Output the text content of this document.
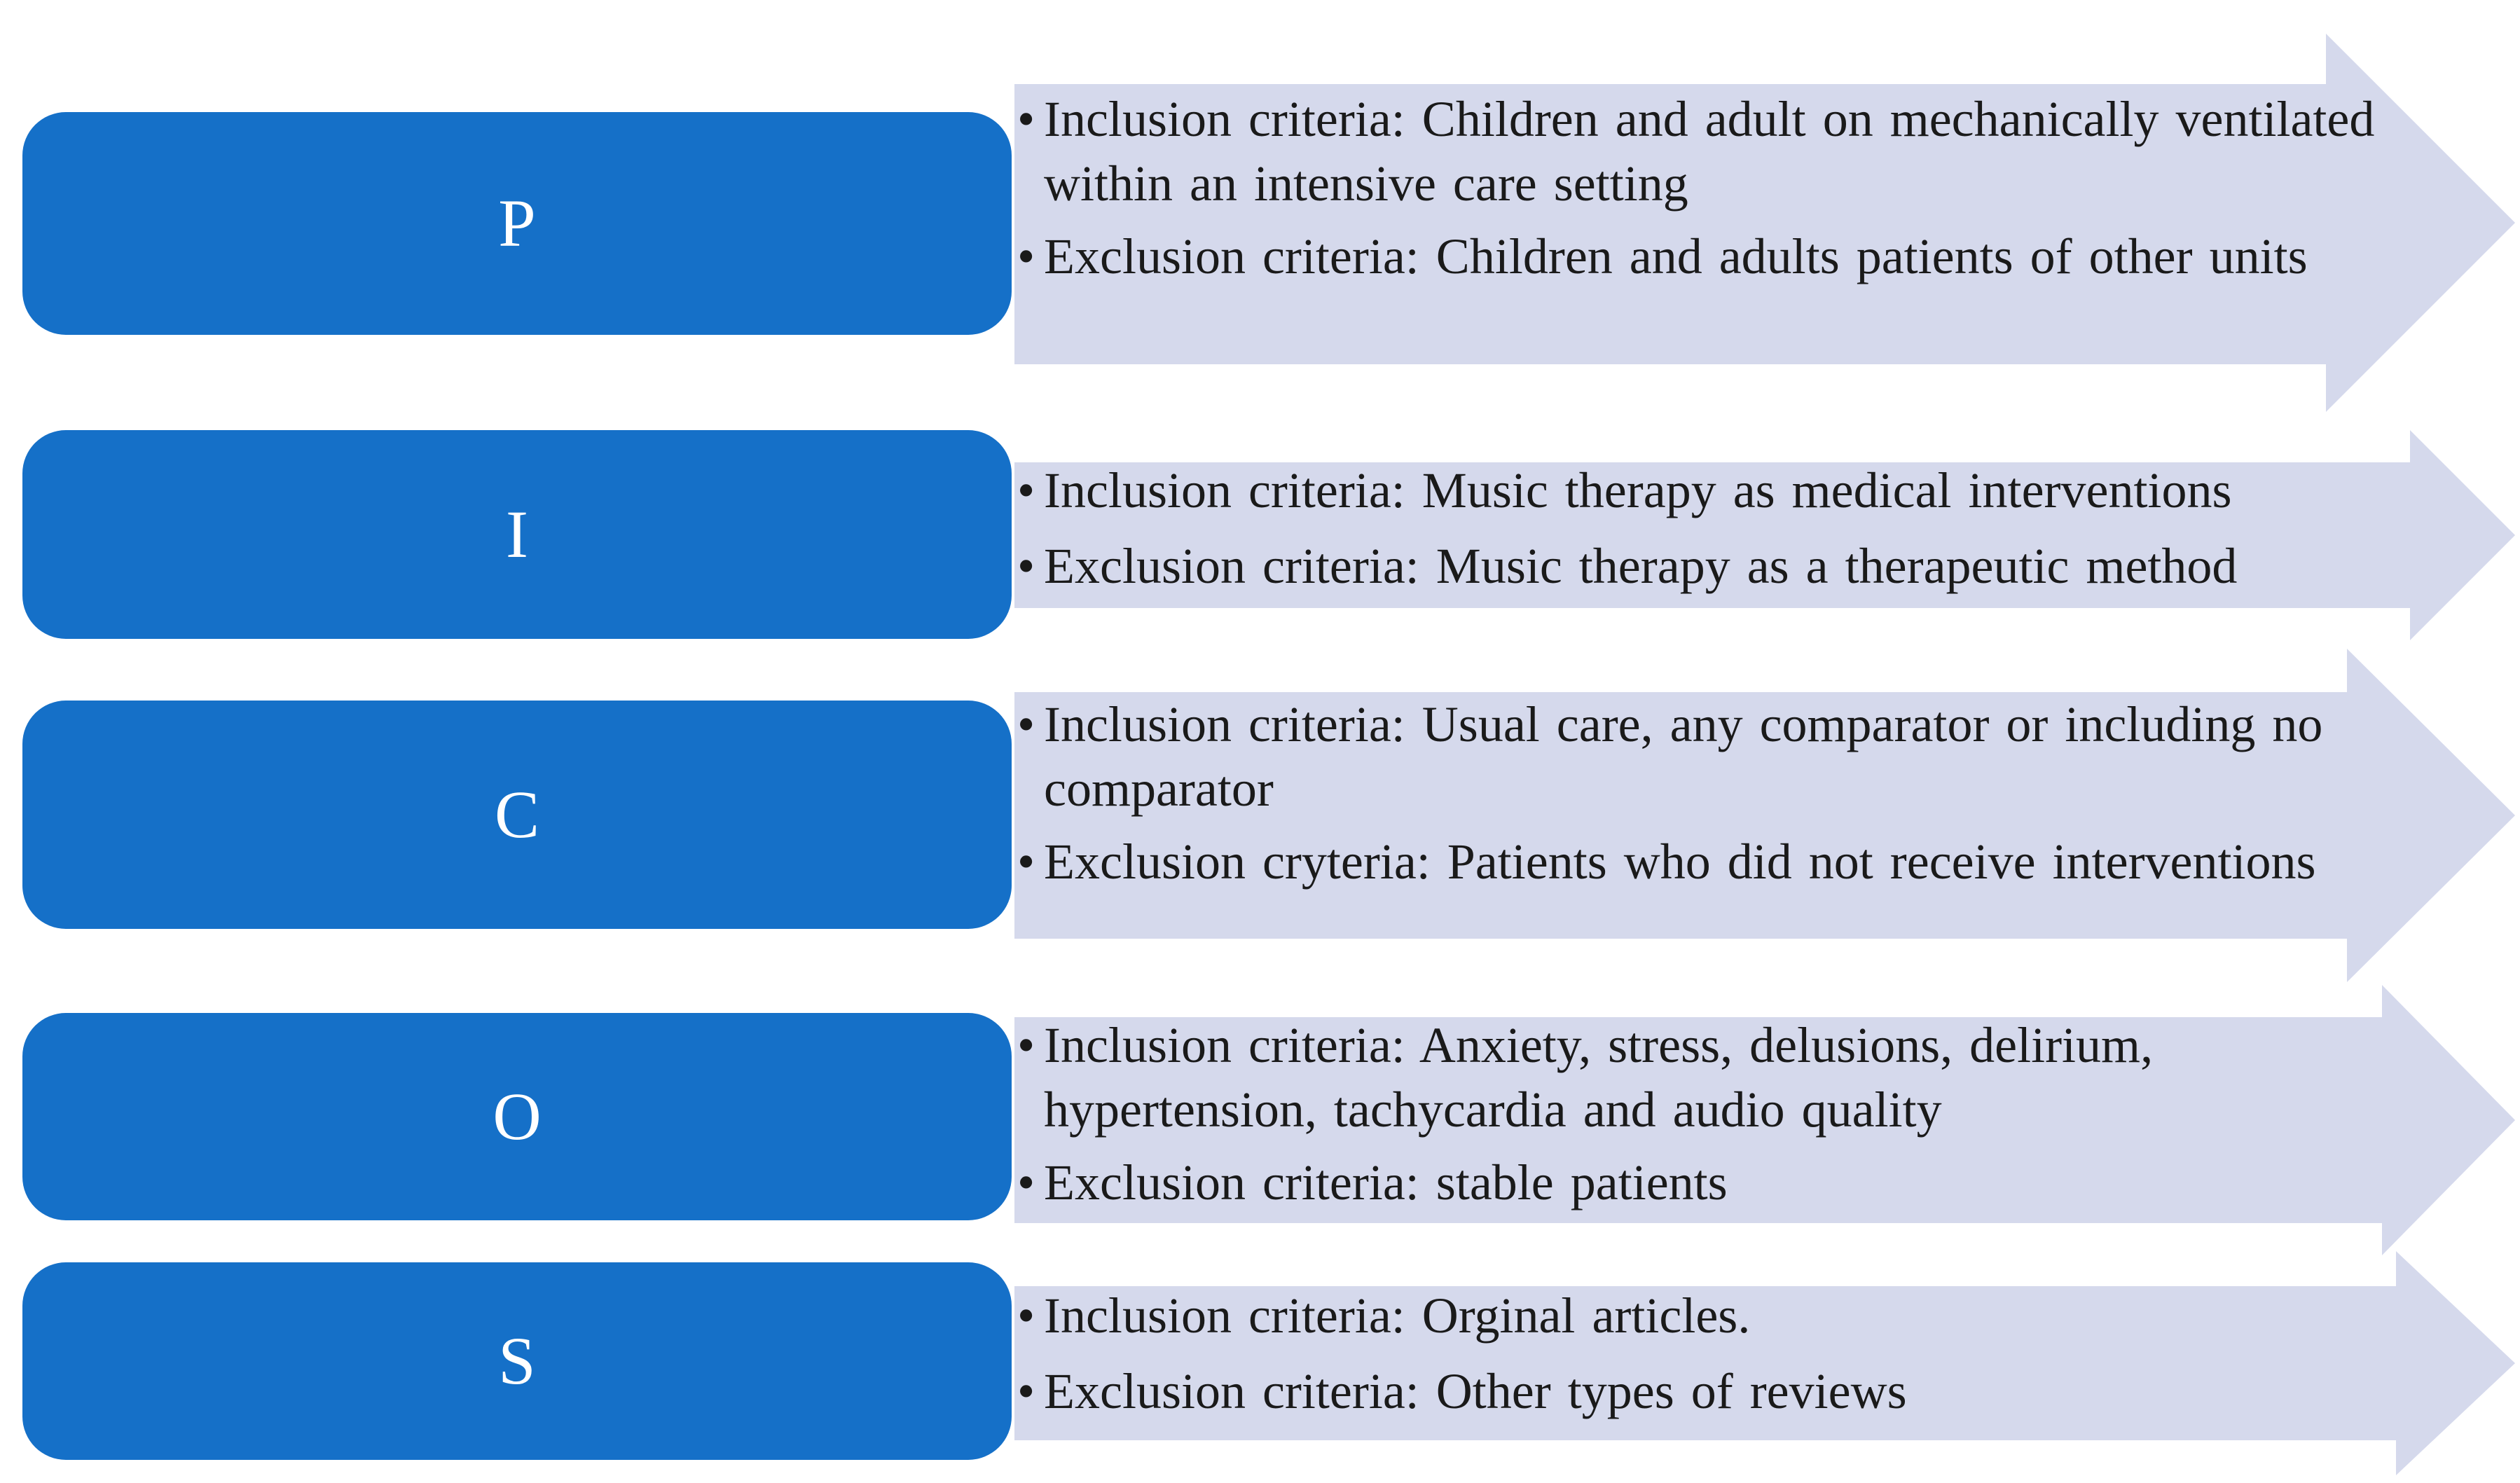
P
• Inclusion criteria: Children and adult on mechanically ventilated within an intensive care setting
• Exclusion criteria: Children and adults patients of other units
I
• Inclusion criteria: Music therapy as medical interventions
• Exclusion criteria: Music therapy as a therapeutic method
C
• Inclusion criteria: Usual care, any comparator or including no comparator
• Exclusion cryteria: Patients who did not receive interventions
O
• Inclusion criteria: Anxiety, stress, delusions, delirium, hypertension, tachycardia and audio quality
• Exclusion criteria: stable patients
S
• Inclusion criteria: Orginal articles.
• Exclusion criteria: Other types of reviews
